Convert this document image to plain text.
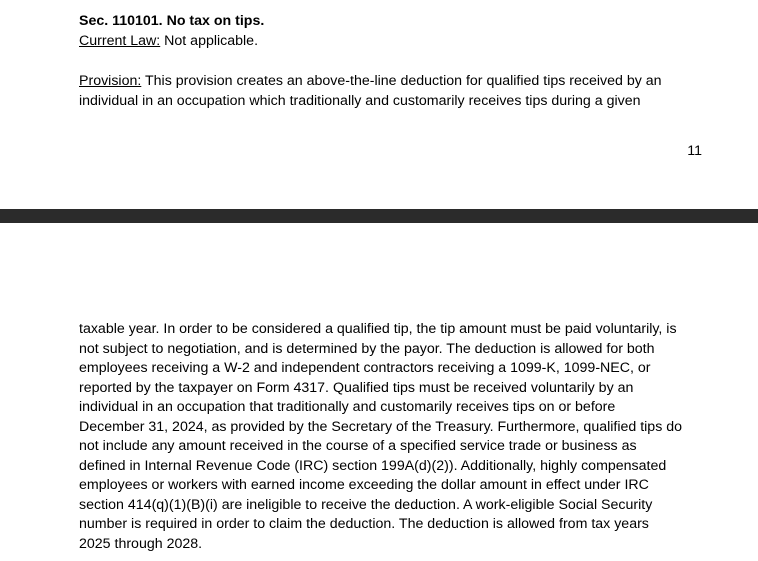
Sec. 110101. No tax on tips.
Current Law: Not applicable.
Provision: This provision creates an above-the-line deduction for qualified tips received by an
individual in an occupation which traditionally and customarily receives tips during a given
11
taxable year. In order to be considered a qualified tip, the tip amount must be paid voluntarily, is
not subject to negotiation, and is determined by the payor. The deduction is allowed for both
employees receiving a W-2 and independent contractors receiving a 1099-K, 1099-NEC, or
reported by the taxpayer on Form 4317. Qualified tips must be received voluntarily by an
individual in an occupation that traditionally and customarily receives tips on or before
December 31, 2024, as provided by the Secretary of the Treasury. Furthermore, qualified tips do
not include any amount received in the course of a specified service trade or business as
defined in Internal Revenue Code (IRC) section 199A(d)(2)). Additionally, highly compensated
employees or workers with earned income exceeding the dollar amount in effect under IRC
section 414(q)(1)(B)(i) are ineligible to receive the deduction. A work-eligible Social Security
number is required in order to claim the deduction. The deduction is allowed from tax years
2025 through 2028.
